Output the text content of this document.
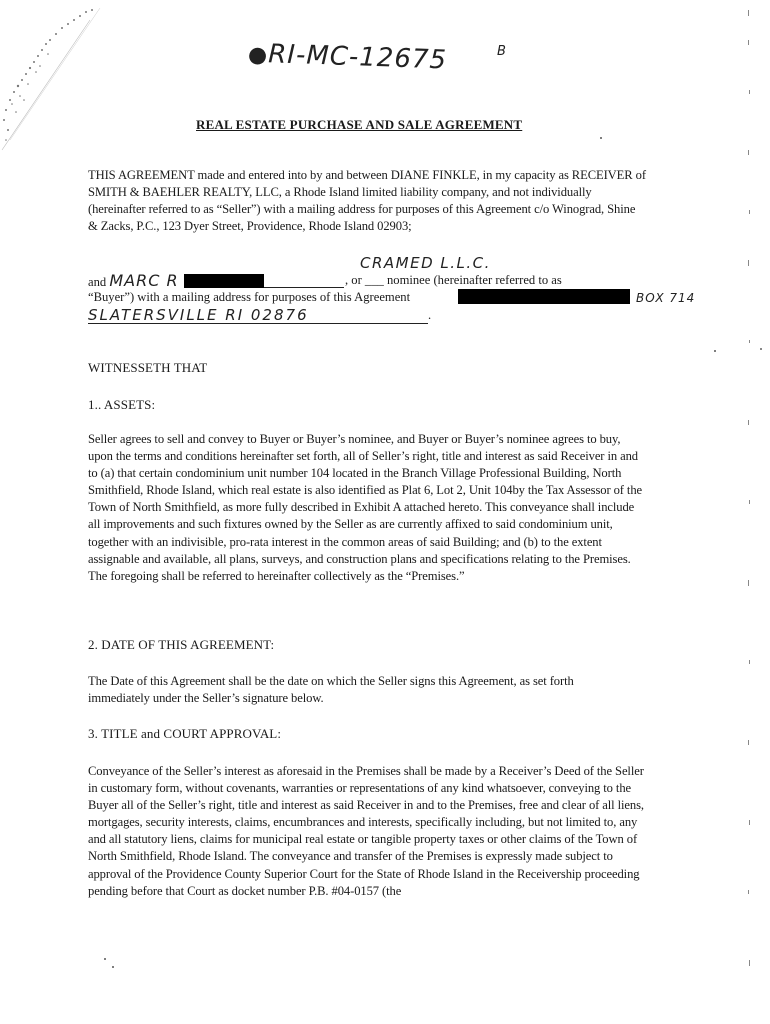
●RI-MC-12675	B
REAL ESTATE PURCHASE AND SALE AGREEMENT
THIS AGREEMENT made and entered into by and between DIANE FINKLE, in my capacity as RECEIVER of SMITH & BAEHLER REALTY, LLC, a Rhode Island limited liability company, and not individually (hereinafter referred to as “Seller”) with a mailing address for purposes of this Agreement c/o Winograd, Shine & Zacks, P.C., 123 Dyer Street, Providence, Rhode Island 02903;
CRAMED L.L.C.
and MARC R	, or ___ nominee (hereinafter referred to as
“Buyer”) with a mailing address for purposes of this Agreement	BOX 714
SLATERSVILLE RI 02876	.
WITNESSETH THAT
1.. ASSETS:
Seller agrees to sell and convey to Buyer or Buyer’s nominee, and Buyer or Buyer’s nominee agrees to buy, upon the terms and conditions hereinafter set forth, all of Seller’s right, title and interest as said Receiver in and to (a) that certain condominium unit number 104 located in the Branch Village Professional Building, North Smithfield, Rhode Island, which real estate is also identified as Plat 6, Lot 2, Unit 104by the Tax Assessor of the Town of North Smithfield, as more fully described in Exhibit A attached hereto. This conveyance shall include all improvements and such fixtures owned by the Seller as are currently affixed to said condominium unit, together with an indivisible, pro-rata interest in the common areas of said Building; and (b) to the extent assignable and available, all plans, surveys, and construction plans and specifications relating to the Premises. The foregoing shall be referred to hereinafter collectively as the “Premises.”
2. DATE OF THIS AGREEMENT:
The Date of this Agreement shall be the date on which the Seller signs this Agreement, as set forth immediately under the Seller’s signature below.
3. TITLE and COURT APPROVAL:
Conveyance of the Seller’s interest as aforesaid in the Premises shall be made by a Receiver’s Deed of the Seller in customary form, without covenants, warranties or representations of any kind whatsoever, conveying to the Buyer all of the Seller’s right, title and interest as said Receiver in and to the Premises, free and clear of all liens, mortgages, security interests, claims, encumbrances and interests, specifically including, but not limited to, any and all statutory liens, claims for municipal real estate or tangible property taxes or other claims of the Town of North Smithfield, Rhode Island. The conveyance and transfer of the Premises is expressly made subject to approval of the Providence County Superior Court for the State of Rhode Island in the Receivership proceeding pending before that Court as docket number P.B. #04-0157 (the
